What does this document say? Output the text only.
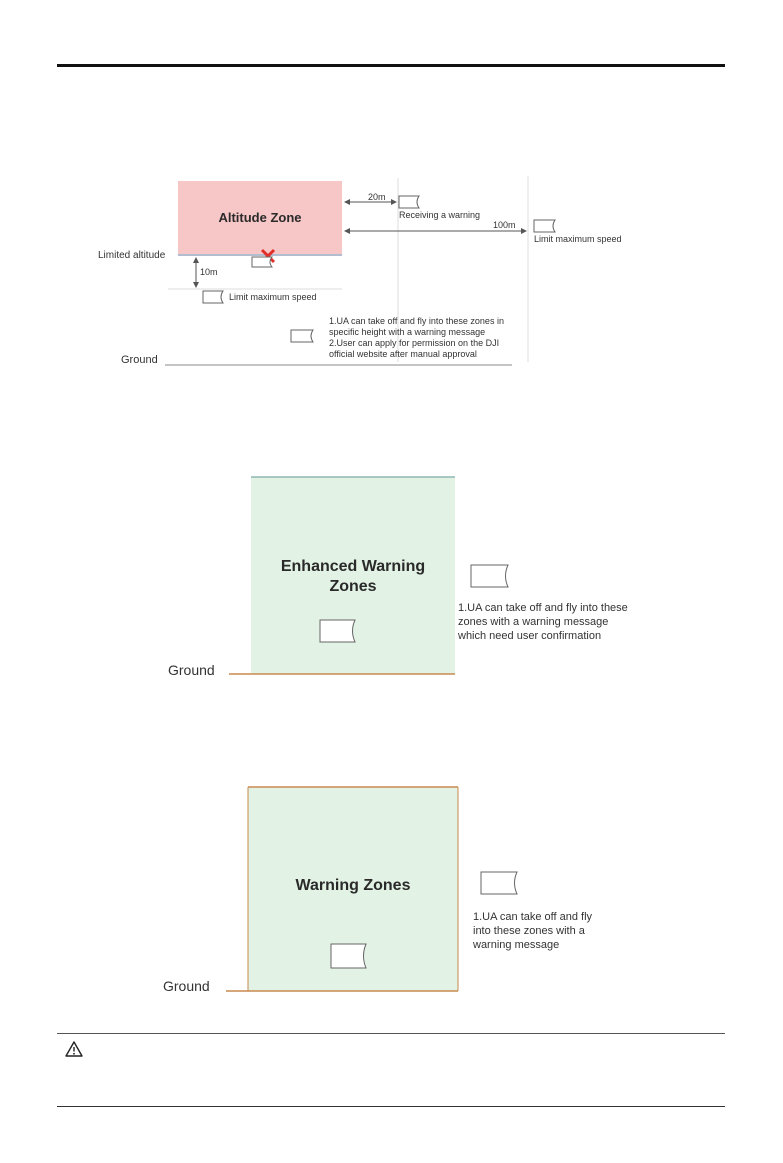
Altitude Zone
Limited altitude
20m
100m
10m
Receiving a warning
Limit maximum speed
Limit maximum speed
1.UA can take off and fly into these zones in
specific height with a warning message
2.User can apply for permission on the DJI
official website after manual approval
Ground
Enhanced Warning
Zones
1.UA can take off and fly into these
zones with a warning message
which need user confirmation
Ground
Warning Zones
1.UA can take off and fly
into these zones with a
warning message
Ground
